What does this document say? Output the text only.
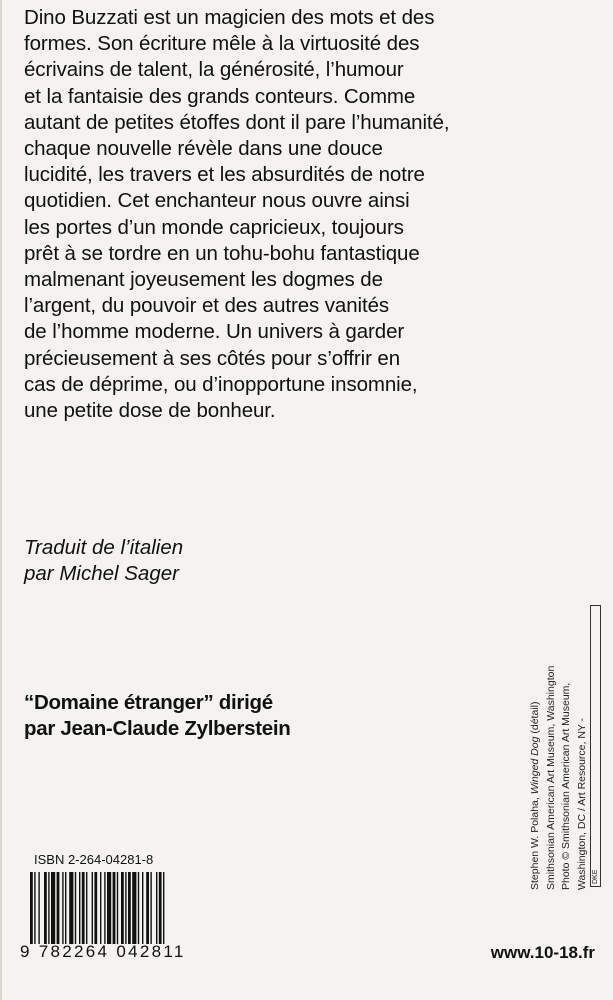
Dino Buzzati est un magicien des mots et des
formes. Son écriture mêle à la virtuosité des
écrivains de talent, la générosité, l’humour
et la fantaisie des grands conteurs. Comme
autant de petites étoffes dont il pare l’humanité,
chaque nouvelle révèle dans une douce
lucidité, les travers et les absurdités de notre
quotidien. Cet enchanteur nous ouvre ainsi
les portes d’un monde capricieux, toujours
prêt à se tordre en un tohu-bohu fantastique
malmenant joyeusement les dogmes de
l’argent, du pouvoir et des autres vanités
de l’homme moderne. Un univers à garder
précieusement à ses côtés pour s’offrir en
cas de déprime, ou d’inopportune insomnie,
une petite dose de bonheur.
Traduit de l’italien
par Michel Sager
“Domaine étranger” dirigé
par Jean-Claude Zylberstein
ISBN 2-264-04281-8
9 782264 042811	www.10-18.fr
Stephen W. Polaha, Winged Dog (détail) Smithsonian American Art Museum, Washington Photo © Smithsonian American Art Museum, Washington, DC / Art Resource, NY - DKE
